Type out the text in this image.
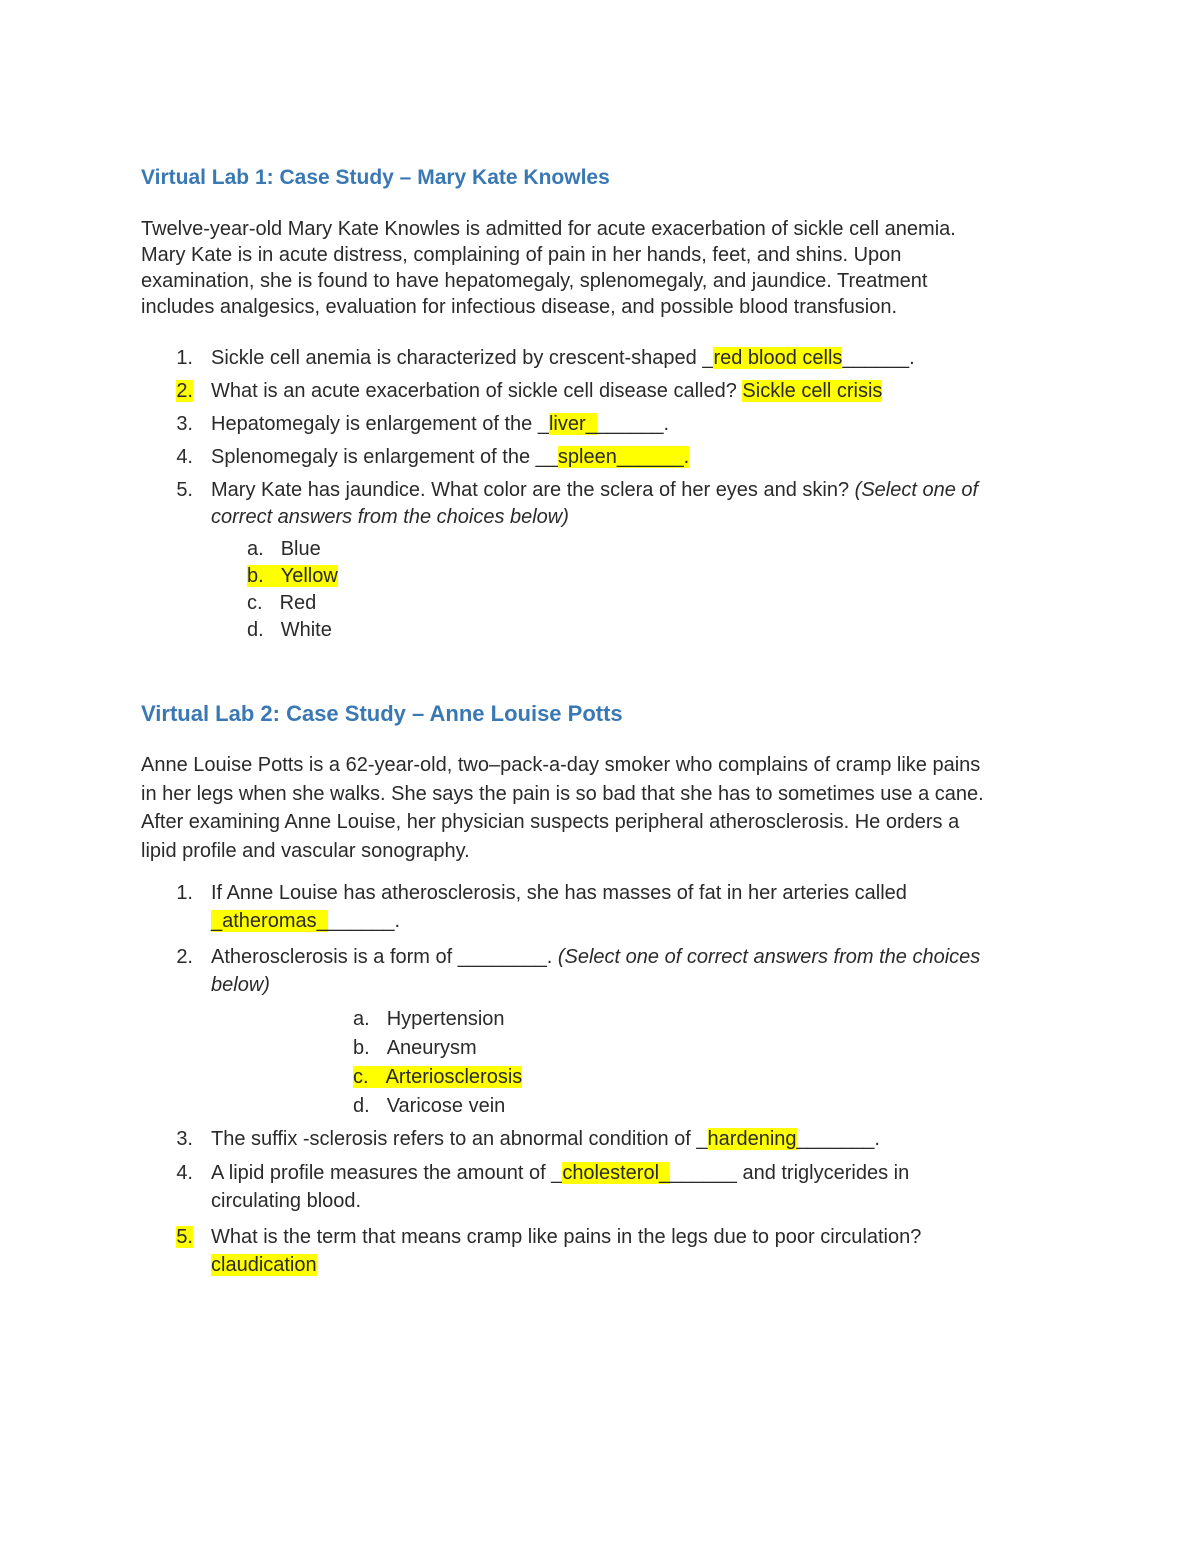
Virtual Lab 1: Case Study – Mary Kate Knowles
Twelve-year-old Mary Kate Knowles is admitted for acute exacerbation of sickle cell anemia.
Mary Kate is in acute distress, complaining of pain in her hands, feet, and shins. Upon
examination, she is found to have hepatomegaly, splenomegaly, and jaundice. Treatment
includes analgesics, evaluation for infectious disease, and possible blood transfusion.
1. Sickle cell anemia is characterized by crescent-shaped _red blood cells______.
2. What is an acute exacerbation of sickle cell disease called? Sickle cell crisis
3. Hepatomegaly is enlargement of the _liver_______.
4. Splenomegaly is enlargement of the __spleen______.
5. Mary Kate has jaundice. What color are the sclera of her eyes and skin? (Select one of
correct answers from the choices below)
a. Blue
b. Yellow
c. Red
d. White
Virtual Lab 2: Case Study – Anne Louise Potts
Anne Louise Potts is a 62-year-old, two–pack-a-day smoker who complains of cramp like pains
in her legs when she walks. She says the pain is so bad that she has to sometimes use a cane.
After examining Anne Louise, her physician suspects peripheral atherosclerosis. He orders a
lipid profile and vascular sonography.
1. If Anne Louise has atherosclerosis, she has masses of fat in her arteries called
_atheromas_______.
2. Atherosclerosis is a form of ________. (Select one of correct answers from the choices
below)
a. Hypertension
b. Aneurysm
c. Arteriosclerosis
d. Varicose vein
3. The suffix -sclerosis refers to an abnormal condition of _hardening_______.
4. A lipid profile measures the amount of _cholesterol_______ and triglycerides in
circulating blood.
5. What is the term that means cramp like pains in the legs due to poor circulation?
claudication
